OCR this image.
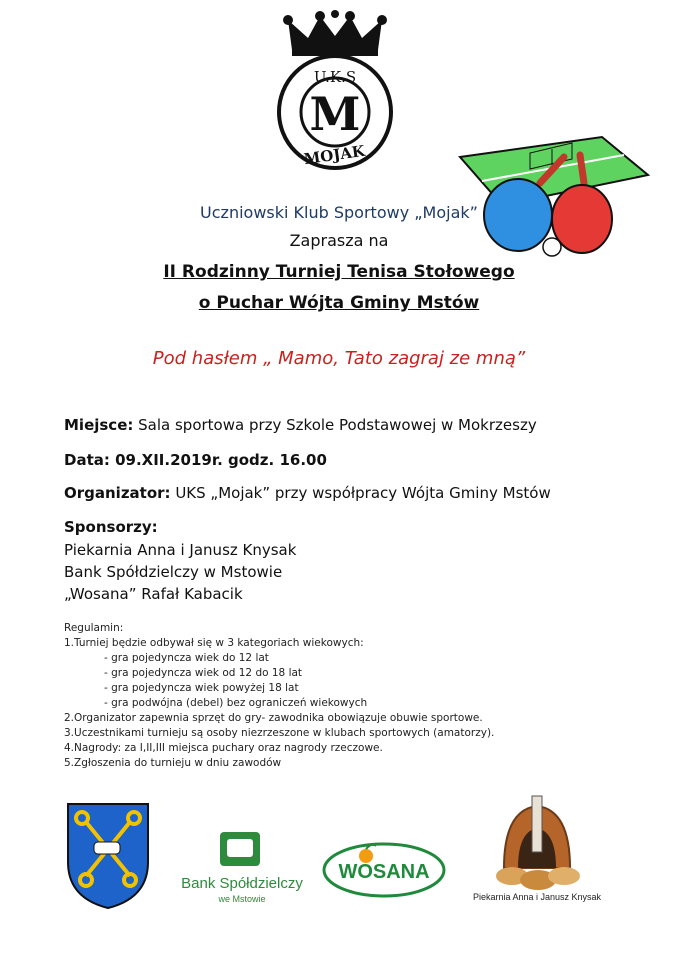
U.K.S
M
MOJAK
Uczniowski Klub Sportowy „Mojak”
Zaprasza na
II Rodzinny Turniej Tenisa Stołowego
o Puchar Wójta Gminy Mstów
Pod hasłem „ Mamo, Tato zagraj ze mną”
Miejsce: Sala sportowa przy Szkole Podstawowej w Mokrzeszy
Data: 09.XII.2019r. godz. 16.00
Organizator: UKS „Mojak” przy współpracy Wójta Gminy Mstów
Sponsorzy:
Piekarnia Anna i Janusz Knysak
Bank Spółdzielczy w Mstowie
„Wosana” Rafał Kabacik
Regulamin:
1.Turniej będzie odbywał się w 3 kategoriach wiekowych:
- gra pojedyncza wiek do 12 lat
- gra pojedyncza wiek od 12 do 18 lat
- gra pojedyncza wiek powyżej 18 lat
- gra podwójna (debel) bez ograniczeń wiekowych
2.Organizator zapewnia sprzęt do gry- zawodnika obowiązuje obuwie sportowe.
3.Uczestnikami turnieju są osoby niezrzeszone w klubach sportowych (amatorzy).
4.Nagrody: za I,II,III miejsca puchary oraz nagrody rzeczowe.
5.Zgłoszenia do turnieju w dniu zawodów
Bank Spółdzielczy
we Mstowie
WOSANA
Piekarnia Anna i Janusz Knysak
